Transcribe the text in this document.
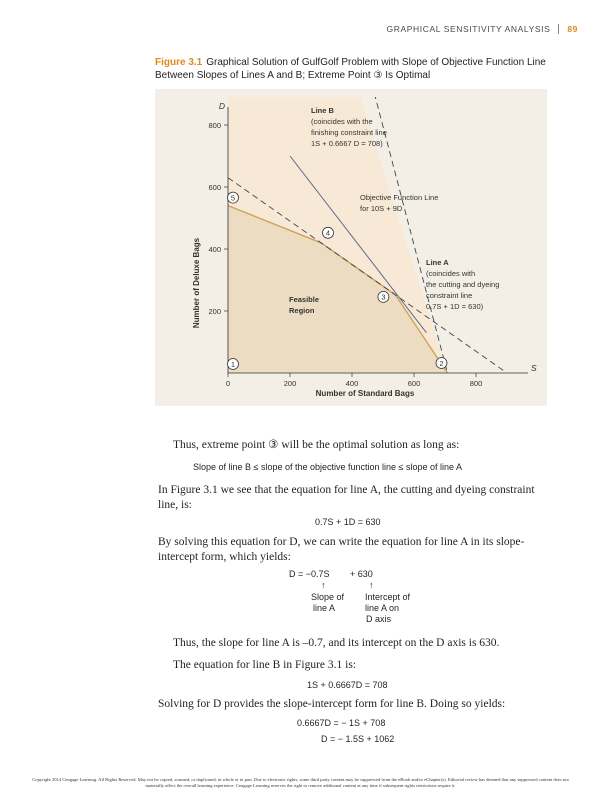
GRAPHICAL SENSITIVITY ANALYSIS 89
Figure 3.1 Graphical Solution of GulfGolf Problem with Slope of Objective Function Line Between Slopes of Lines A and B; Extreme Point ③ Is Optimal
D
S
0	200	400	600	800
200
400
600
800
Number of Standard Bags
Number of Deluxe Bags
Line B
(coincides with the
finishing constraint line
1S + 0.6667 D = 708)
Objective Function Line
for 10S + 9D
Line A
(coincides with
the cutting and dyeing
constraint line
0.7S + 1D = 630)
Feasible
Region
1	2
3
4
5
Thus, extreme point ③ will be the optimal solution as long as:
Slope of line B ≤ slope of the objective function line ≤ slope of line A
In Figure 3.1 we see that the equation for line A, the cutting and dyeing constraint line, is:
0.7S + 1D = 630
By solving this equation for D, we can write the equation for line A in its slope-intercept form, which yields:
D = −0.7S + 630
↑	↑
Slope of
line A
Intercept of
line A on
D axis
Thus, the slope for line A is –0.7, and its intercept on the D axis is 630.
The equation for line B in Figure 3.1 is:
1S + 0.6667D = 708
Solving for D provides the slope-intercept form for line B. Doing so yields:
0.6667D = − 1S + 708
D = − 1.5S + 1062
Copyright 2014 Cengage Learning. All Rights Reserved. May not be copied, scanned, or duplicated, in whole or in part. Due to electronic rights, some third party content may be suppressed from the eBook and/or eChapter(s). Editorial review has deemed that any suppressed content does not materially affect the overall learning experience. Cengage Learning reserves the right to remove additional content at any time if subsequent rights restrictions require it.
